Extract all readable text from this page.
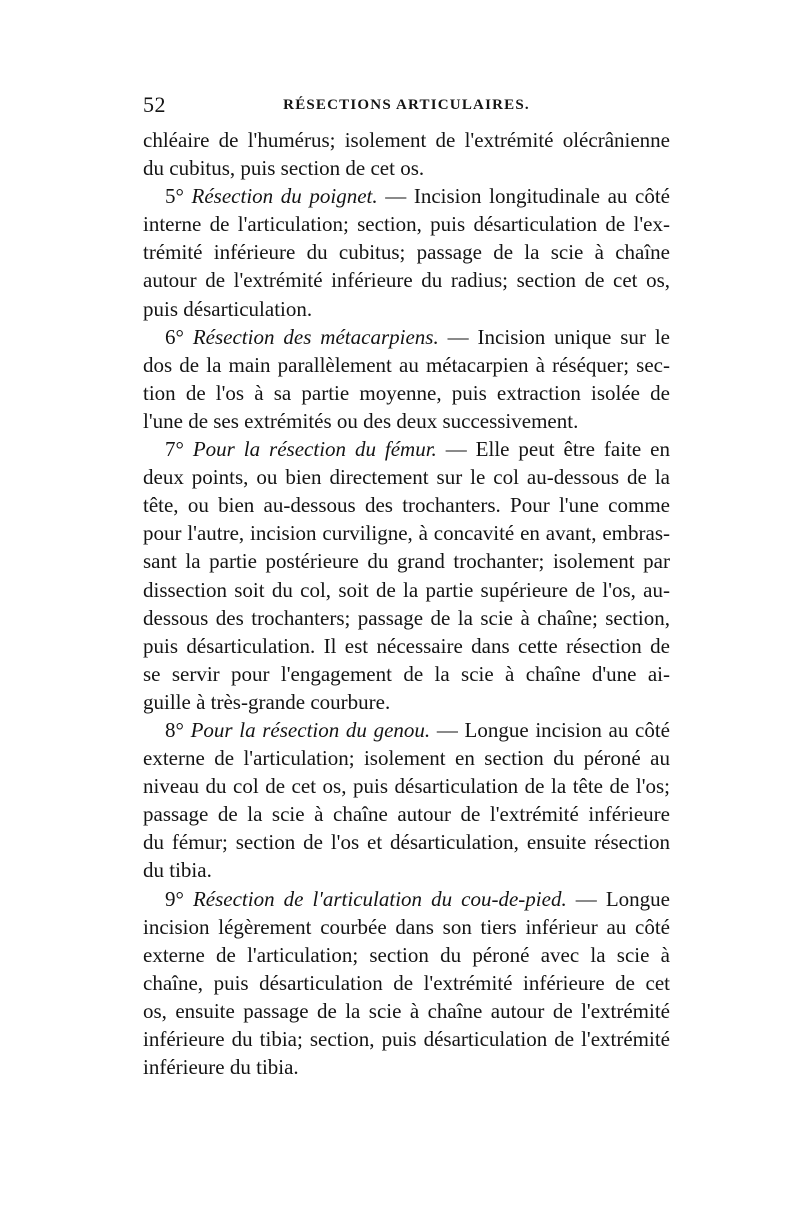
52	RÉSECTIONS ARTICULAIRES.
chléaire de l'humérus; isolement de l'extrémité olécrânienne
du cubitus, puis section de cet os.
5° Résection du poignet. — Incision longitudinale au côté
interne de l'articulation; section, puis désarticulation de l'ex-
trémité inférieure du cubitus; passage de la scie à chaîne
autour de l'extrémité inférieure du radius; section de cet os,
puis désarticulation.
6° Résection des métacarpiens. — Incision unique sur le
dos de la main parallèlement au métacarpien à réséquer; sec-
tion de l'os à sa partie moyenne, puis extraction isolée de
l'une de ses extrémités ou des deux successivement.
7° Pour la résection du fémur. — Elle peut être faite en
deux points, ou bien directement sur le col au-dessous de la
tête, ou bien au-dessous des trochanters. Pour l'une comme
pour l'autre, incision curviligne, à concavité en avant, embras-
sant la partie postérieure du grand trochanter; isolement par
dissection soit du col, soit de la partie supérieure de l'os, au-
dessous des trochanters; passage de la scie à chaîne; section,
puis désarticulation. Il est nécessaire dans cette résection de
se servir pour l'engagement de la scie à chaîne d'une ai-
guille à très-grande courbure.
8° Pour la résection du genou. — Longue incision au côté
externe de l'articulation; isolement en section du péroné au
niveau du col de cet os, puis désarticulation de la tête de l'os;
passage de la scie à chaîne autour de l'extrémité inférieure
du fémur; section de l'os et désarticulation, ensuite résection
du tibia.
9° Résection de l'articulation du cou-de-pied. — Longue
incision légèrement courbée dans son tiers inférieur au côté
externe de l'articulation; section du péroné avec la scie à
chaîne, puis désarticulation de l'extrémité inférieure de cet
os, ensuite passage de la scie à chaîne autour de l'extrémité
inférieure du tibia; section, puis désarticulation de l'extrémité
inférieure du tibia.
